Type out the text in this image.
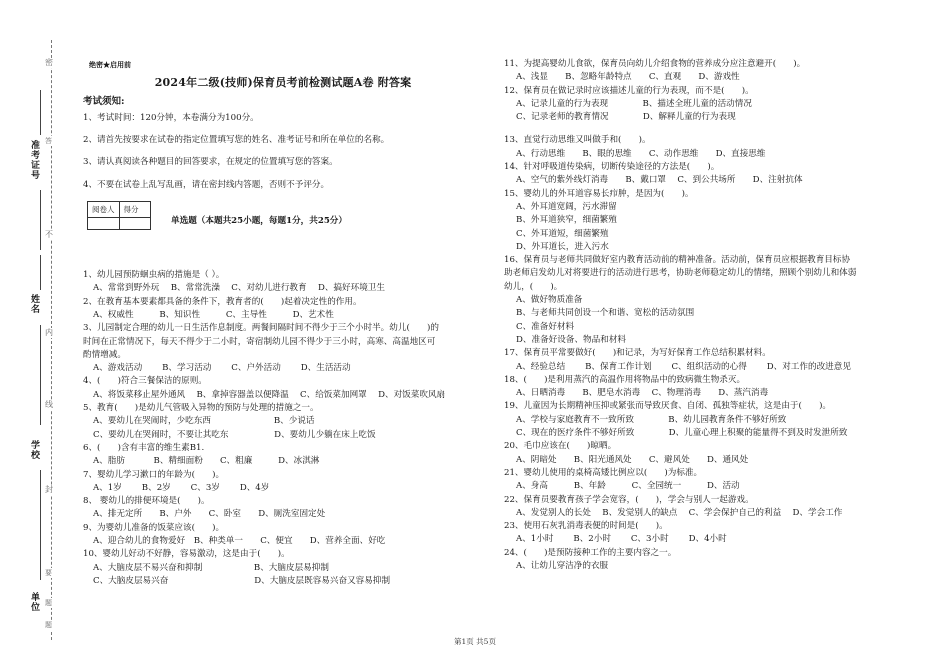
准考证号
姓名
学校
单位
密
封
线
内
不
题
要
答
题
绝密★启用前
2024年二级(技师)保育员考前检测试题A卷 附答案
考试须知:

1、考试时间：120分钟，本卷满分为100分。

2、请首先按要求在试卷的指定位置填写您的姓名、准考证号和所在单位的名称。

3、请认真阅读各种题目的回答要求，在规定的位置填写您的答案。

4、不要在试卷上乱写乱画，请在密封线内答题，否则不予评分。

阅卷人	得分

单选题（本题共25小题，每题1分，共25分）
1、幼儿园预防蛔虫病的措施是（ ）。
A、常常到野外玩　 B、常常洗澡　 C、对幼儿进行教育　 D、搞好环境卫生
2、在教育基本要素都具备的条件下，教育者的(　　)起着决定性的作用。
A、权威性　　　B、知识性　　　C、主导性　　　D、艺术性
3、儿园制定合理的幼儿一日生活作息制度。两餐间隔时间不得少于三个小时半。幼儿(　　)的
时间在正常情况下，每天不得少于二小时，寄宿制幼儿园不得少于三小时，高寒、高温地区可
酌情增减。
A、游戏活动　　 B、学习活动　　 C、户外活动　　 D、生活活动
4、(　　)符合三餐保洁的原则。
A、将饭菜移止屋外通风　 B、拿掉容器盖以便降温　 C、给饭菜加网罩　 D、对饭菜吹风扇
5、教育(　　)是幼儿气管吸入异物的预防与处理的措施之一。
A、要幼儿在哭闹时，少吃东西　　　　　　　 B、少说话
C、要幼儿在哭闹时，不要让其吃东　　　　　 D、要幼儿少躺在床上吃饭
6、(　　)含有丰富的维生素B1.
A、脂肪　　　 B、精细面粉　　C、粗廉　　　D、冰淇淋
7、婴幼儿学习漱口的年龄为(　　)。
A、1岁　　 B、2岁　　 C、3岁　　 D、4岁
8、 婴幼儿的排便环境是(　　)。
A、排无定所　　B、户外　　C、卧室　　D、厕洗室固定处
9、为婴幼儿准备的饭菜应该(　　)。
A、迎合幼儿的食物爱好　B、种类单一　　C、便宜　　D、营养全面、好吃
10、婴幼儿好动不好静，容易激动，这是由于(　　)。
A、大脑皮层不易兴奋和抑制　　　　　　B、大脑皮层易抑制
C、大脑皮层易兴奋　　　　　　　　　　D、大脑皮层既容易兴奋又容易抑制
11、为提高婴幼儿食欲，保育员向幼儿介绍食物的营养成分应注意避开(　　)。
A、浅显　　B、忽略年龄特点　　C、直观　　D、游戏性
12、保育员在做记录时应该描述儿童的行为表现，而不是(　　)。
A、记录儿童的行为表现　　　　B、描述全班儿童的活动情况
C、记录老师的教育情况　　　　D、解释儿童的行为表现
13、直觉行动思维又叫做手和(　　)。
A、行动思维　　B、眼的思维　　C、动作思维　　D、直接思维
14、针对呼吸道传染病，切断传染途径的方法是(　　)。
A、空气的紫外线灯消毒　　B、戴口罩　 C、到公共场所　　D、注射抗体
15、婴幼儿的外耳道容易长疖肿，是因为(　　)。
A、外耳道宽阔，污水滞留
B、外耳道狭窄，细菌繁殖
C、外耳道短，细菌繁殖
D、外耳道长，进入污水
16、保育员与老师共同做好室内教育活动前的精神准备。活动前，保育员应根据教育目标协
助老师启发幼儿对将要进行的活动进行思考，协助老师稳定幼儿的情绪，照顾个别幼儿和体弱
幼儿，(　　)。
A、做好物质准备
B、与老师共同创设一个和谐、宽松的活动氛围
C、准备好材料
D、准备好设备、物品和材料
17、保育员平常要做好(　　)和记录，为写好保育工作总结积累材料。
A、经验总结　　 B、保育工作计划　　 C、组织活动的心得　　 D、对工作的改进意见
18、(　　)是利用蒸汽的高温作用将物品中的致病微生物杀灭。
A、日晒消毒　　B、肥皂水消毒　 C、物理消毒　　D、蒸汽消毒
19、儿童因为长期精神压抑或紧张而导致厌食、自闭、孤独等症状，这是由于(　　)。
A、学校与家庭教育不一致所致　　　　B、幼儿园教育条件不够好所致
C、现在的医疗条件不够好所致　　　　D、儿童心理上积聚的能量得不到及时发泄所致
20、毛巾应该在(　　)晾晒。
A、阴暗处　　B、阳光通风处　　C、避风处　　D、通风处
21、婴幼儿使用的桌椅高矮比例应以(　　)为标准。
A、身高　　　B、年龄　　　C、全园统一　　　D、活动
22、保育员要教育孩子学会宽容，(　　)，学会与别人一起游戏。
A、发觉别人的长处　 B、发觉别人的缺点　 C、学会保护自己的利益　 D、学会工作
23、使用石灰乳消毒表便的时间是(　　)。
A、1小时　　 B、2小时　　 C、3小时　　 D、4小时
24、(　　)是预防接种工作的主要内容之一。
A、让幼儿穿洁净的衣服
第1页 共5页
